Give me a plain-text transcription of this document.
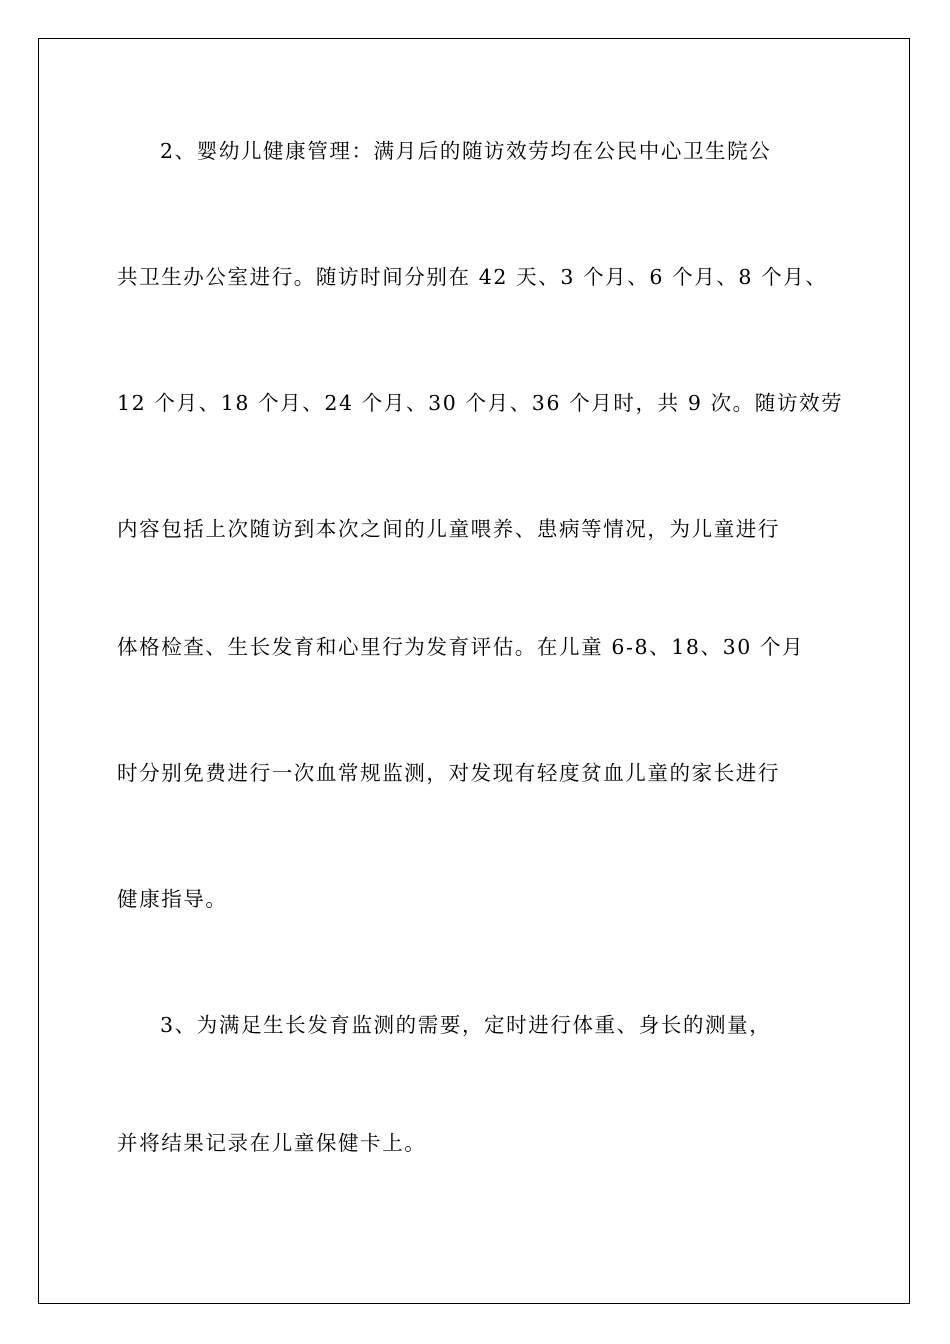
2、婴幼儿健康管理：满月后的随访效劳均在公民中心卫生院公
共卫生办公室进行。随访时间分别在 42 天、3 个月、6 个月、8 个月、
12 个月、18 个月、24 个月、30 个月、36 个月时，共 9 次。随访效劳
内容包括上次随访到本次之间的儿童喂养、患病等情况，为儿童进行
体格检查、生长发育和心里行为发育评估。在儿童 6-8、18、30 个月
时分别免费进行一次血常规监测，对发现有轻度贫血儿童的家长进行
健康指导。
3、为满足生长发育监测的需要，定时进行体重、身长的测量，
并将结果记录在儿童保健卡上。
